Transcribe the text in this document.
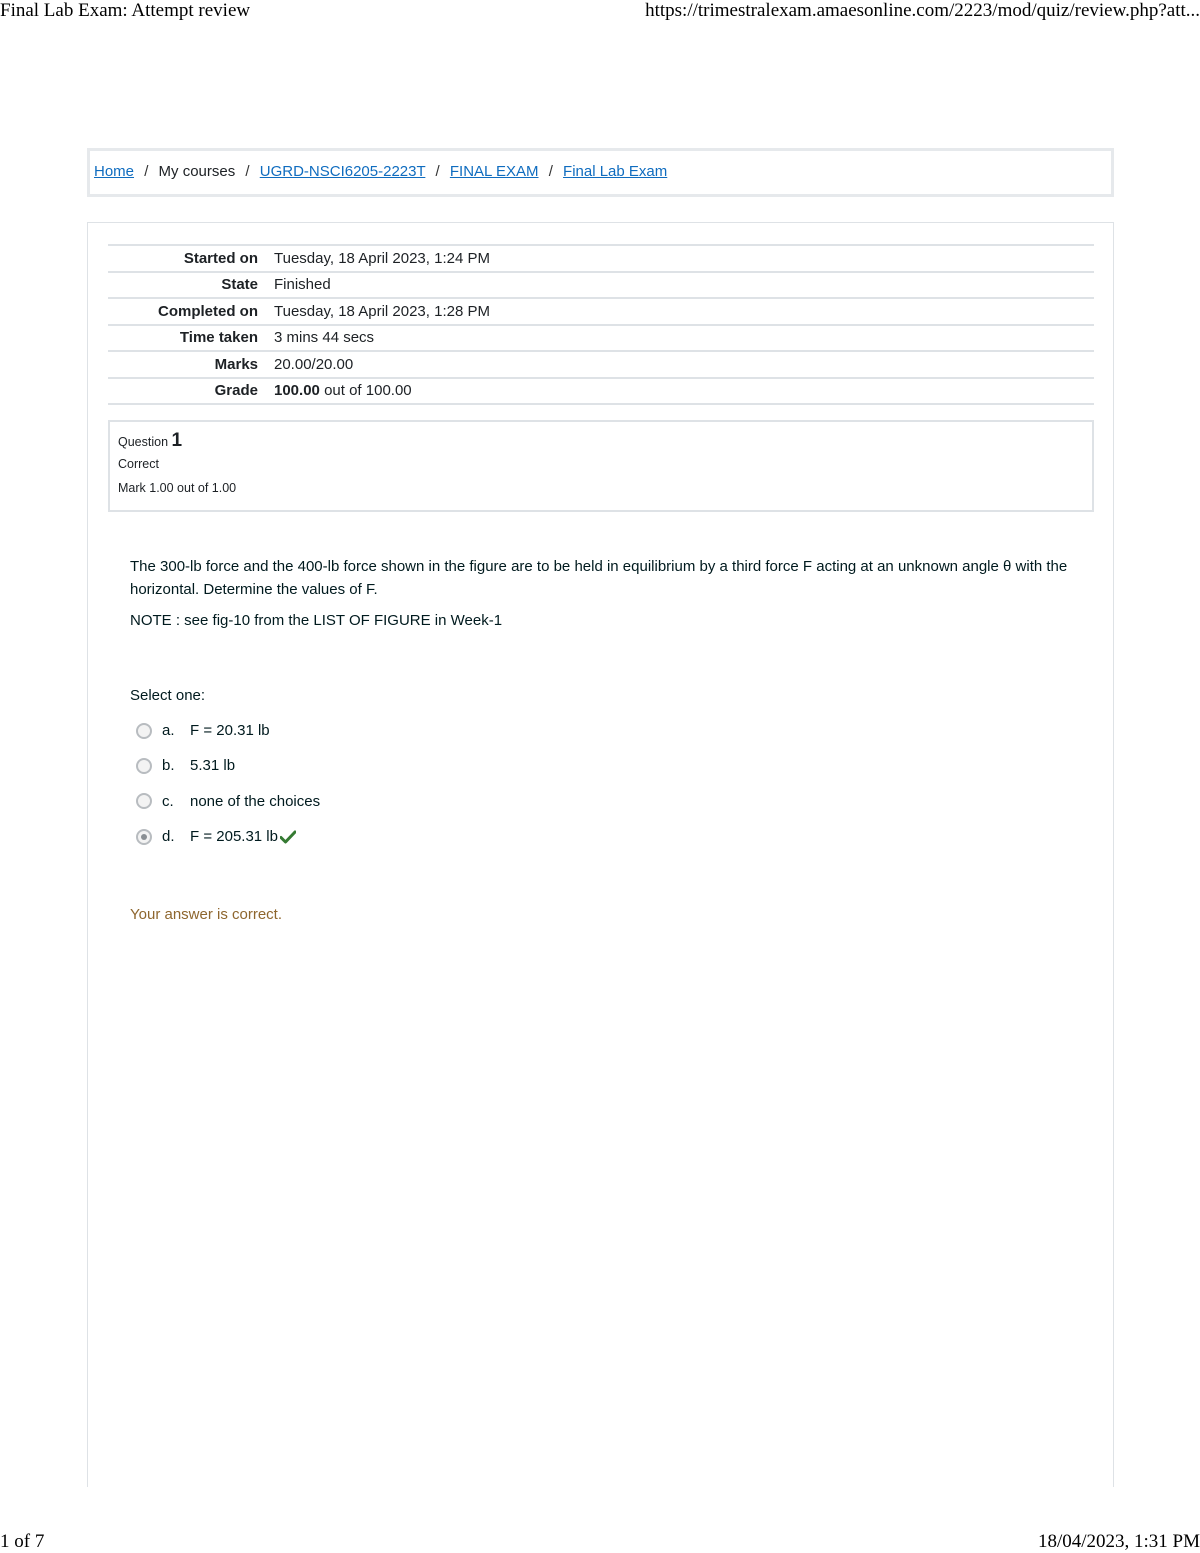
Final Lab Exam: Attempt review	https://trimestralexam.amaesonline.com/2223/mod/quiz/review.php?att...
Home / My courses / UGRD-NSCI6205-2223T / FINAL EXAM / Final Lab Exam
Started on	Tuesday, 18 April 2023, 1:24 PM
State	Finished
Completed on	Tuesday, 18 April 2023, 1:28 PM
Time taken	3 mins 44 secs
Marks	20.00/20.00
Grade	100.00 out of 100.00
Question 1
Correct
Mark 1.00 out of 1.00

The 300-lb force and the 400-lb force shown in the figure are to be held in equilibrium by a third force F acting at an unknown angle θ with the horizontal. Determine the values of F.

NOTE : see fig-10 from the LIST OF FIGURE in Week-1

Select one:
a.	F = 20.31 lb
b.	5.31 lb
c.	none of the choices
d.	F = 205.31 lb
Your answer is correct.
1 of 7	18/04/2023, 1:31 PM
